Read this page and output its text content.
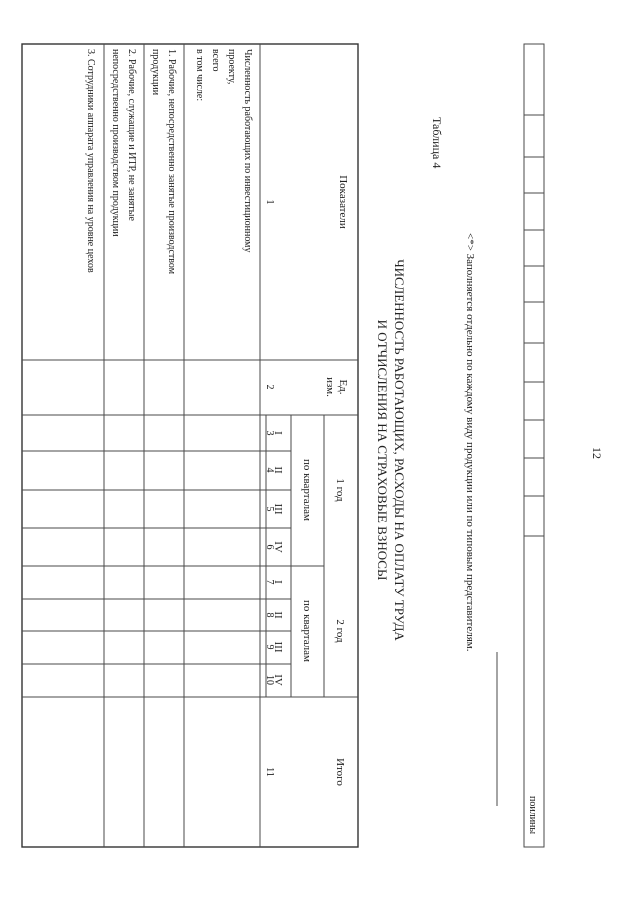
12
поилины
<*> Заполняется отдельно по каждому виду продукции или по типовым представителям.
Таблица 4
ЧИСЛЕННОСТЬ РАБОТАЮЩИХ, РАСХОДЫ НА ОПЛАТУ ТРУДА
И ОТЧИСЛЕНИЯ НА СТРАХОВЫЕ ВЗНОСЫ
Показатели
Ед.
изм.
1 год
2 год
по кварталам
по кварталам
Итого
I
II
III
IV
I
II
III
IV
1
2
3
4
5
6
7
8
9
10
11
Численность работающих по инвестиционному
проекту,
всего
в том числе:
1. Рабочие, непосредственно занятые производством
продукции
2. Рабочие, служащие и ИТР, не занятые
непосредственно производством продукции
3. Сотрудники аппарата управления на уровне цехов
